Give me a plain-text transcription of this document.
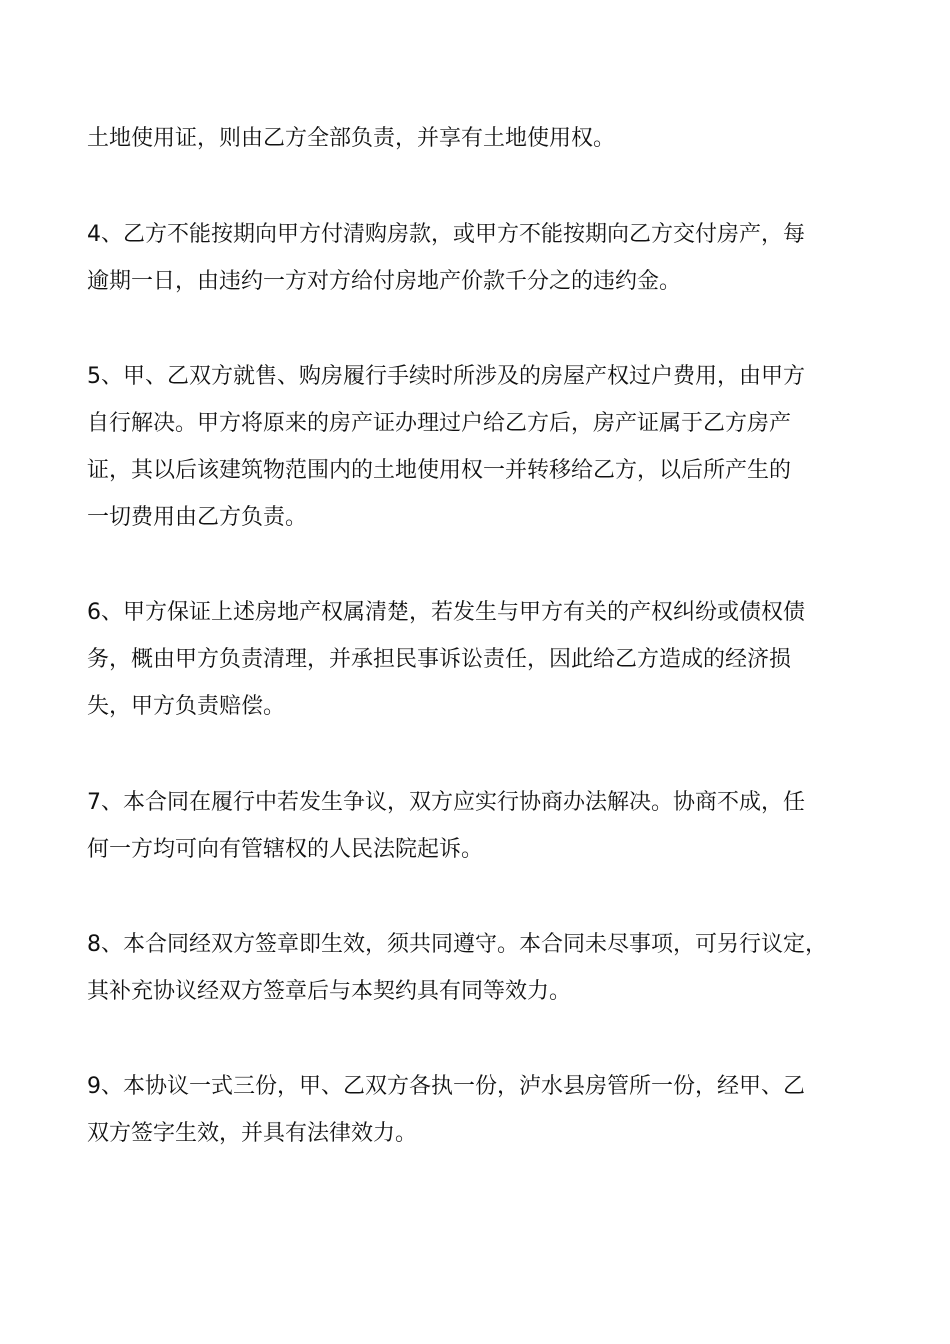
土地使用证，则由乙方全部负责，并享有土地使用权。

4、乙方不能按期向甲方付清购房款，或甲方不能按期向乙方交付房产，每
逾期一日，由违约一方对方给付房地产价款千分之的违约金。

5、甲、乙双方就售、购房履行手续时所涉及的房屋产权过户费用，由甲方
自行解决。甲方将原来的房产证办理过户给乙方后，房产证属于乙方房产
证，其以后该建筑物范围内的土地使用权一并转移给乙方，以后所产生的
一切费用由乙方负责。

6、甲方保证上述房地产权属清楚，若发生与甲方有关的产权纠纷或债权债
务，概由甲方负责清理，并承担民事诉讼责任，因此给乙方造成的经济损
失，甲方负责赔偿。

7、本合同在履行中若发生争议，双方应实行协商办法解决。协商不成，任
何一方均可向有管辖权的人民法院起诉。

8、本合同经双方签章即生效，须共同遵守。本合同未尽事项，可另行议定，
其补充协议经双方签章后与本契约具有同等效力。

9、本协议一式三份，甲、乙双方各执一份，泸水县房管所一份，经甲、乙
双方签字生效，并具有法律效力。
